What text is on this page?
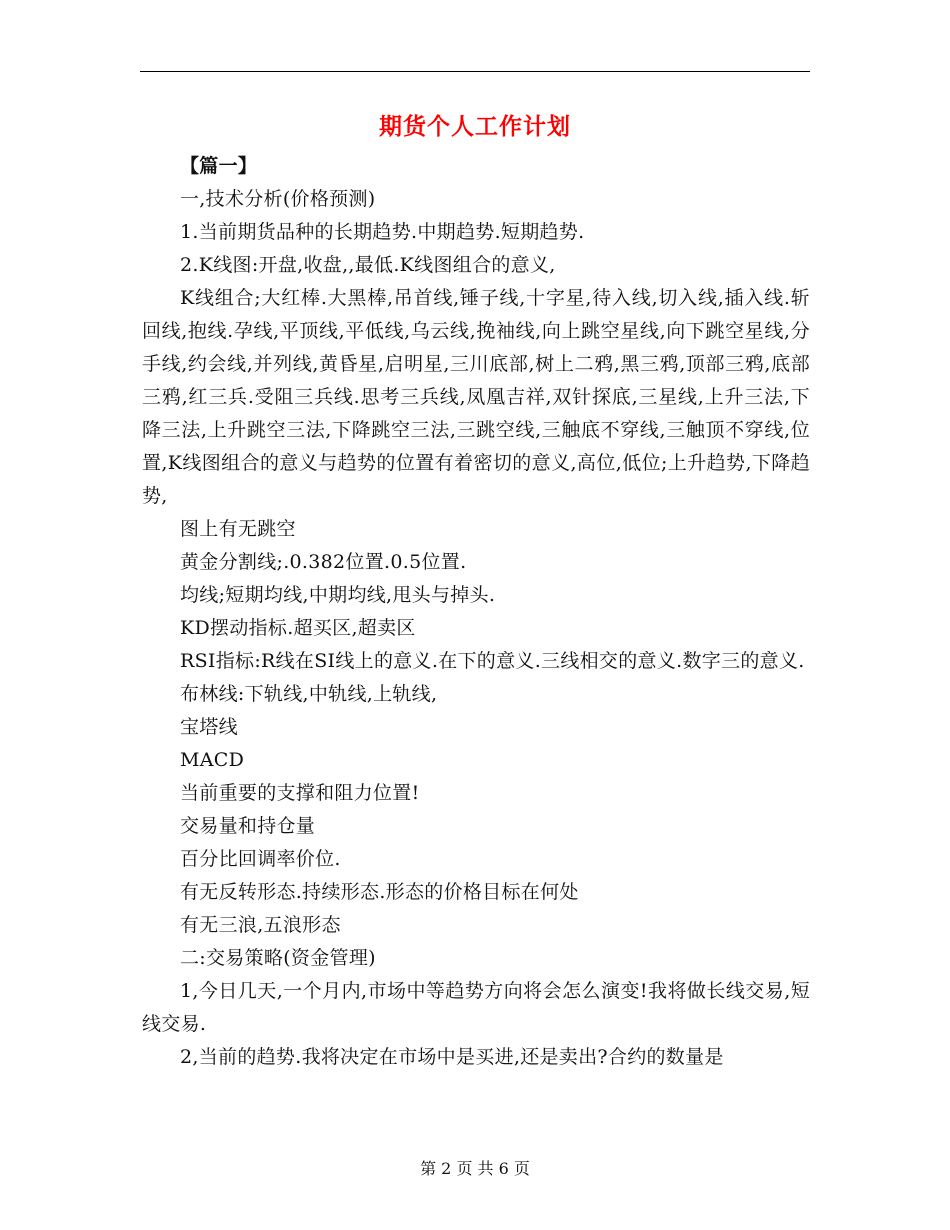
期货个人工作计划

【篇一】

一,技术分析(价格预测)

1.当前期货品种的长期趋势.中期趋势.短期趋势.

2.K线图:开盘,收盘,,最低.K线图组合的意义,

K线组合;大红棒.大黑棒,吊首线,锤子线,十字星,待入线,切入线,插入线.斩回线,抱线.孕线,平顶线,平低线,乌云线,挽袖线,向上跳空星线,向下跳空星线,分手线,约会线,并列线,黄昏星,启明星,三川底部,树上二鸦,黑三鸦,顶部三鸦,底部三鸦,红三兵.受阻三兵线.思考三兵线,凤凰吉祥,双针探底,三星线,上升三法,下降三法,上升跳空三法,下降跳空三法,三跳空线,三触底不穿线,三触顶不穿线,位置,K线图组合的意义与趋势的位置有着密切的意义,高位,低位;上升趋势,下降趋势,

图上有无跳空

黄金分割线;.0.382位置.0.5位置.

均线;短期均线,中期均线,甩头与掉头.

KD摆动指标.超买区,超卖区

RSI指标:R线在SI线上的意义.在下的意义.三线相交的意义.数字三的意义.

布林线:下轨线,中轨线,上轨线,

宝塔线

MACD

当前重要的支撑和阻力位置!

交易量和持仓量

百分比回调率价位.

有无反转形态.持续形态.形态的价格目标在何处

有无三浪,五浪形态

二:交易策略(资金管理)

1,今日几天,一个月内,市场中等趋势方向将会怎么演变!我将做长线交易,短线交易.

2,当前的趋势.我将决定在市场中是买进,还是卖出?合约的数量是

第 2 页 共 6 页
